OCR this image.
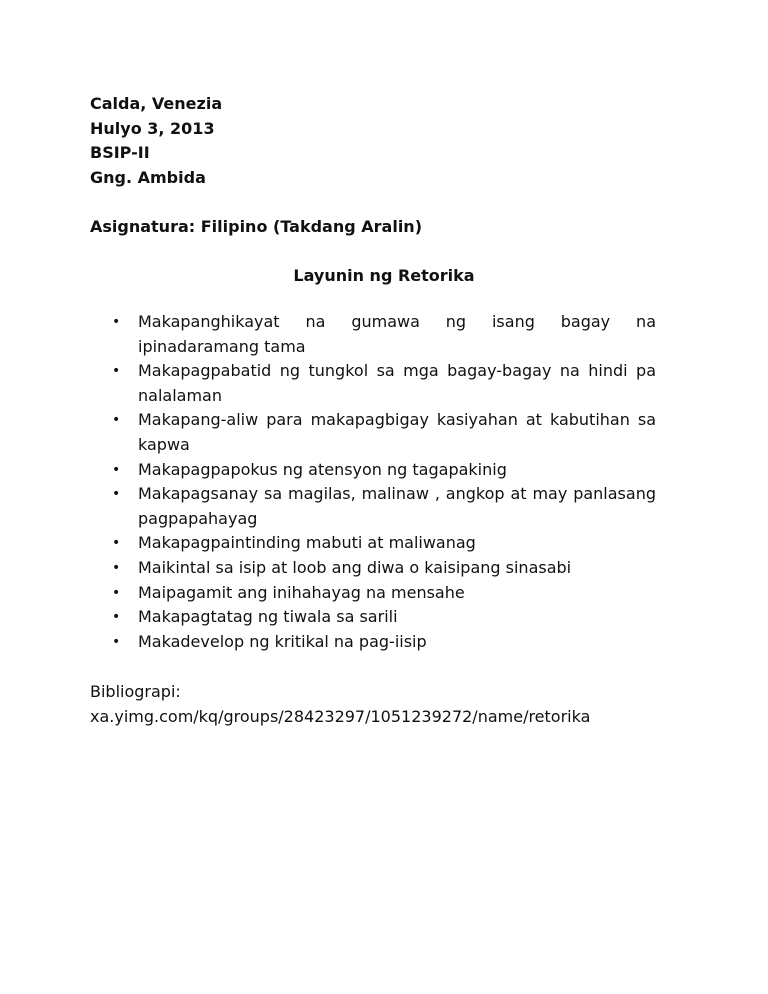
Calda, Venezia
Hulyo 3, 2013
BSIP-II
Gng. Ambida
Asignatura: Filipino (Takdang Aralin)
Layunin ng Retorika
•	Makapanghikayat na gumawa ng isang bagay na ipinadaramang tama
•	Makapagpabatid ng tungkol sa mga bagay-bagay na hindi pa nalalaman
•	Makapang-aliw para makapagbigay kasiyahan at kabutihan sa kapwa
•	Makapagpapokus ng atensyon ng tagapakinig
•	Makapagsanay sa magilas, malinaw , angkop at may panlasang pagpapahayag
•	Makapagpaintinding mabuti at maliwanag
•	Maikintal sa isip at loob ang diwa o kaisipang sinasabi
•	Maipagamit ang inihahayag na mensahe
•	Makapagtatag ng tiwala sa sarili
•	Makadevelop ng kritikal na pag-iisip
Bibliograpi:
xa.yimg.com/kq/groups/28423297/1051239272/name/retorika
